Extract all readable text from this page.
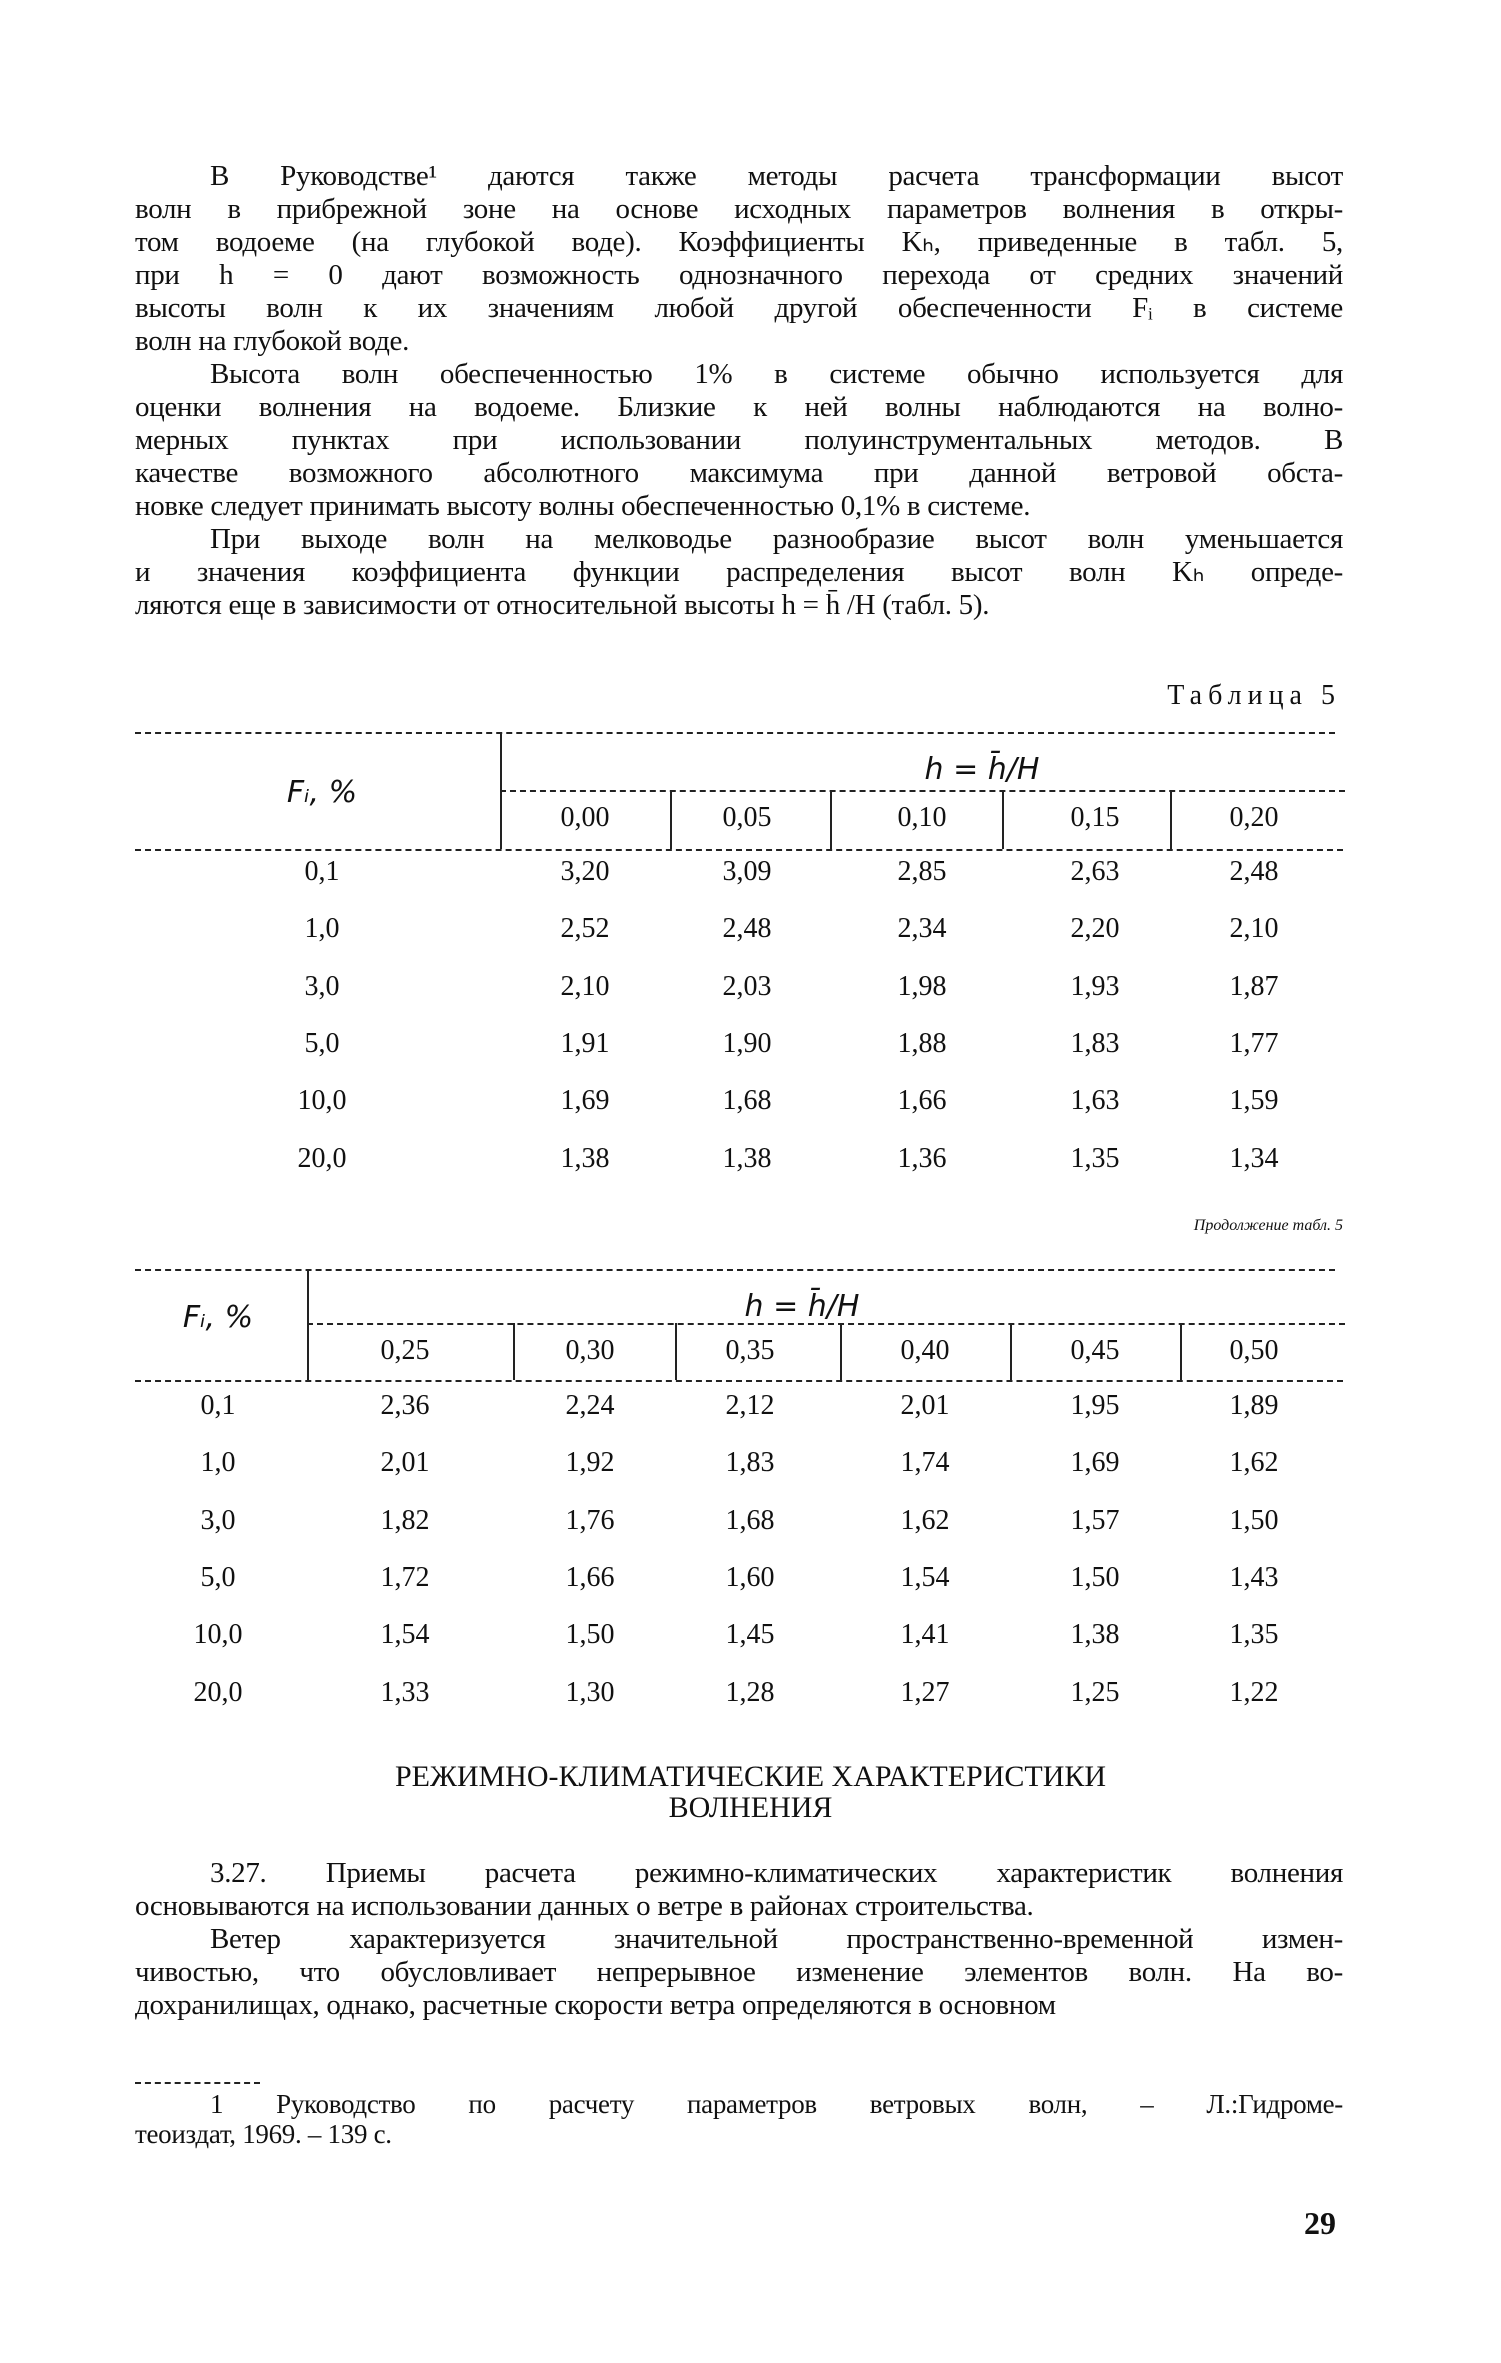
В Руководстве¹ даются также методы расчета трансформации высот
волн в прибрежной зоне на основе исходных параметров волнения в откры-
том водоеме (на глубокой воде). Коэффициенты Kₕ, приведенные в табл. 5,
при h = 0 дают возможность однозначного перехода от средних значений
высоты волн к их значениям любой другой обеспеченности Fᵢ в системе
волн на глубокой воде.
Высота волн обеспеченностью 1% в системе обычно используется для
оценки волнения на водоеме. Близкие к ней волны наблюдаются на волно-
мерных пунктах при использовании полуинструментальных методов. В
качестве возможного абсолютного максимума при данной ветровой обста-
новке следует принимать высоту волны обеспеченностью 0,1% в системе.
При выходе волн на мелководье разнообразие высот волн уменьшается
и значения коэффициента функции распределения высот волн Kₕ опреде-
ляются еще в зависимости от относительной высоты h = h̄ /H (табл. 5).
Таблица 5
Fᵢ, %
h = h̄/H
0,00	0,05	0,10	0,15	0,20
0,1	3,20	3,09	2,85	2,63	2,48
1,0	2,52	2,48	2,34	2,20	2,10
3,0	2,10	2,03	1,98	1,93	1,87
5,0	1,91	1,90	1,88	1,83	1,77
10,0	1,69	1,68	1,66	1,63	1,59
20,0	1,38	1,38	1,36	1,35	1,34
Продолжение табл. 5
Fᵢ, %	h = h̄/H
0,25	0,30	0,35	0,40	0,45	0,50
0,1	2,36	2,24	2,12	2,01	1,95	1,89
1,0	2,01	1,92	1,83	1,74	1,69	1,62
3,0	1,82	1,76	1,68	1,62	1,57	1,50
5,0	1,72	1,66	1,60	1,54	1,50	1,43
10,0	1,54	1,50	1,45	1,41	1,38	1,35
20,0	1,33	1,30	1,28	1,27	1,25	1,22
РЕЖИМНО-КЛИМАТИЧЕСКИЕ ХАРАКТЕРИСТИКИ
ВОЛНЕНИЯ
3.27. Приемы расчета режимно-климатических характеристик волнения
основываются на использовании данных о ветре в районах строительства.
Ветер характеризуется значительной пространственно-временной измен-
чивостью, что обусловливает непрерывное изменение элементов волн. На во-
дохранилищах, однако, расчетные скорости ветра определяются в основном
1 Руководство по расчету параметров ветровых волн, – Л.:Гидроме-
теоиздат, 1969. – 139 с.
29
